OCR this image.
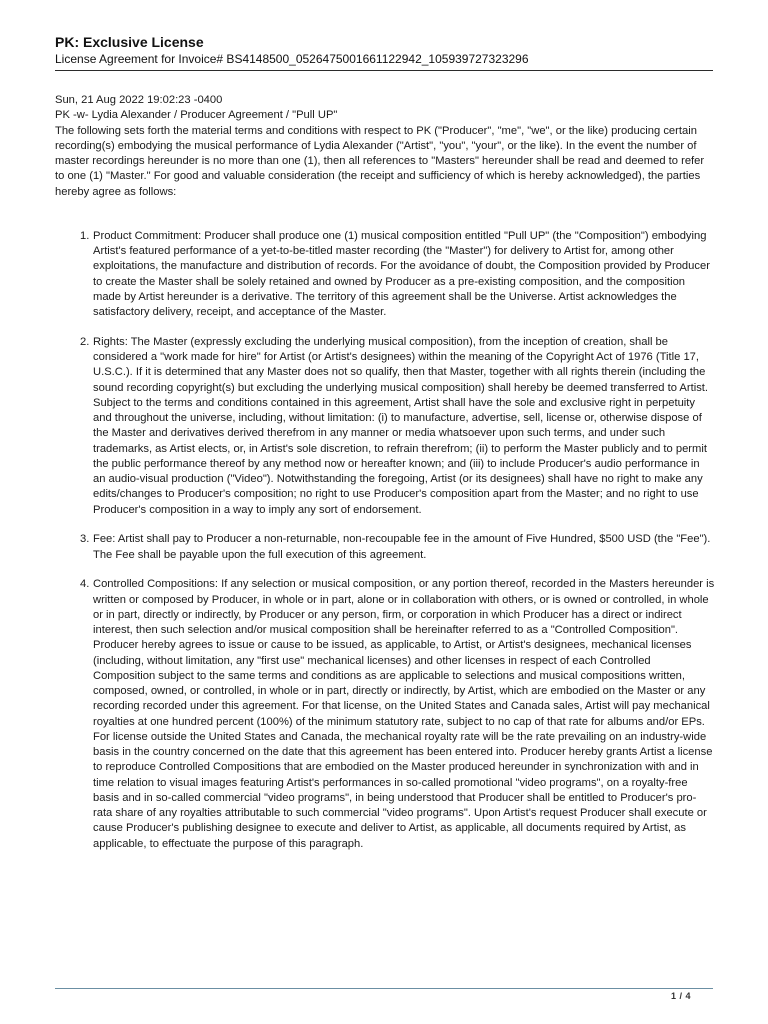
PK: Exclusive License
License Agreement for Invoice# BS4148500_0526475001661122942_105939727323296

Sun, 21 Aug 2022 19:02:23 -0400

PK -w- Lydia Alexander / Producer Agreement / "Pull UP"

The following sets forth the material terms and conditions with respect to PK ("Producer", "me", "we", or the like) producing certain recording(s) embodying the musical performance of Lydia Alexander ("Artist", "you", "your", or the like). In the event the number of master recordings hereunder is no more than one (1), then all references to "Masters" hereunder shall be read and deemed to refer to one (1) "Master." For good and valuable consideration (the receipt and sufficiency of which is hereby acknowledged), the parties hereby agree as follows:

1. Product Commitment: Producer shall produce one (1) musical composition entitled "Pull UP" (the "Composition") embodying Artist's featured performance of a yet-to-be-titled master recording (the "Master") for delivery to Artist for, among other exploitations, the manufacture and distribution of records. For the avoidance of doubt, the Composition provided by Producer to create the Master shall be solely retained and owned by Producer as a pre-existing composition, and the composition made by Artist hereunder is a derivative. The territory of this agreement shall be the Universe. Artist acknowledges the satisfactory delivery, receipt, and acceptance of the Master.
2. Rights: The Master (expressly excluding the underlying musical composition), from the inception of creation, shall be considered a "work made for hire" for Artist (or Artist's designees) within the meaning of the Copyright Act of 1976 (Title 17, U.S.C.). If it is determined that any Master does not so qualify, then that Master, together with all rights therein (including the sound recording copyright(s) but excluding the underlying musical composition) shall hereby be deemed transferred to Artist. Subject to the terms and conditions contained in this agreement, Artist shall have the sole and exclusive right in perpetuity and throughout the universe, including, without limitation: (i) to manufacture, advertise, sell, license or, otherwise dispose of the Master and derivatives derived therefrom in any manner or media whatsoever upon such terms, and under such trademarks, as Artist elects, or, in Artist's sole discretion, to refrain therefrom; (ii) to perform the Master publicly and to permit the public performance thereof by any method now or hereafter known; and (iii) to include Producer's audio performance in an audio-visual production ("Video"). Notwithstanding the foregoing, Artist (or its designees) shall have no right to make any edits/changes to Producer's composition; no right to use Producer's composition apart from the Master; and no right to use Producer's composition in a way to imply any sort of endorsement.
3. Fee: Artist shall pay to Producer a non-returnable, non-recoupable fee in the amount of Five Hundred, $500 USD (the "Fee"). The Fee shall be payable upon the full execution of this agreement.
4. Controlled Compositions: If any selection or musical composition, or any portion thereof, recorded in the Masters hereunder is written or composed by Producer, in whole or in part, alone or in collaboration with others, or is owned or controlled, in whole or in part, directly or indirectly, by Producer or any person, firm, or corporation in which Producer has a direct or indirect interest, then such selection and/or musical composition shall be hereinafter referred to as a "Controlled Composition". Producer hereby agrees to issue or cause to be issued, as applicable, to Artist, or Artist's designees, mechanical licenses (including, without limitation, any "first use" mechanical licenses) and other licenses in respect of each Controlled Composition subject to the same terms and conditions as are applicable to selections and musical compositions written, composed, owned, or controlled, in whole or in part, directly or indirectly, by Artist, which are embodied on the Master or any recording recorded under this agreement. For that license, on the United States and Canada sales, Artist will pay mechanical royalties at one hundred percent (100%) of the minimum statutory rate, subject to no cap of that rate for albums and/or EPs. For license outside the United States and Canada, the mechanical royalty rate will be the rate prevailing on an industry-wide basis in the country concerned on the date that this agreement has been entered into. Producer hereby grants Artist a license to reproduce Controlled Compositions that are embodied on the Master produced hereunder in synchronization with and in time relation to visual images featuring Artist's performances in so-called promotional "video programs", on a royalty-free basis and in so-called commercial "video programs", in being understood that Producer shall be entitled to Producer's pro-rata share of any royalties attributable to such commercial "video programs". Upon Artist's request Producer shall execute or cause Producer's publishing designee to execute and deliver to Artist, as applicable, all documents required by Artist, as applicable, to effectuate the purpose of this paragraph.
1 / 4
